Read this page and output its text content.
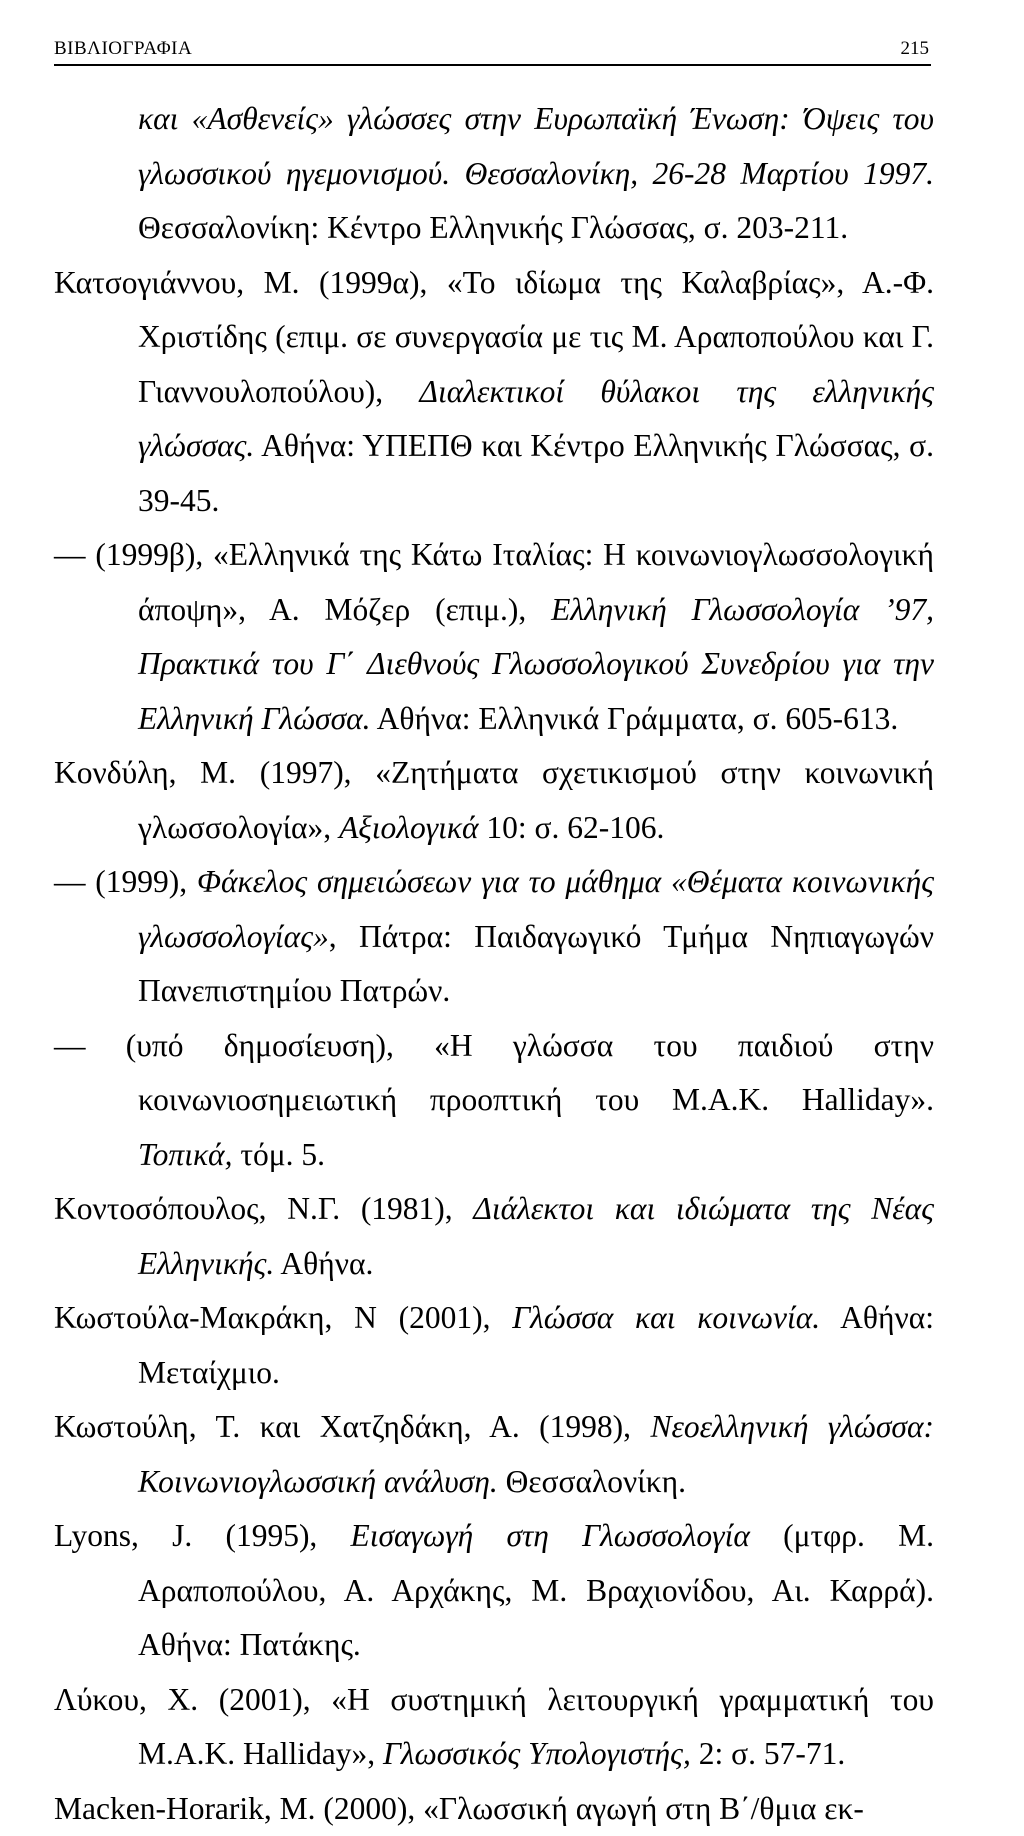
ΒΙΒΛΙΟΓΡΑΦΙΑ	215
και «Ασθενείς» γλώσσες στην Ευρωπαϊκή Ένωση: Όψεις του γλωσσικού ηγεμονισμού. Θεσσαλονίκη, 26-28 Μαρτίου 1997. Θεσσαλονίκη: Κέντρο Ελληνικής Γλώσσας, σ. 203-211.
Κατσογιάννου, Μ. (1999α), «Το ιδίωμα της Καλαβρίας», Α.-Φ. Χριστίδης (επιμ. σε συνεργασία με τις Μ. Αραποπούλου και Γ. Γιαννουλοπούλου), Διαλεκτικοί θύλακοι της ελληνικής γλώσσας. Αθήνα: ΥΠΕΠΘ και Κέντρο Ελληνικής Γλώσσας, σ. 39-45.
— (1999β), «Ελληνικά της Κάτω Ιταλίας: Η κοινωνιογλωσσολογική άποψη», Α. Μόζερ (επιμ.), Ελληνική Γλωσσολογία ’97, Πρακτικά του Γ΄ Διεθνούς Γλωσσολογικού Συνεδρίου για την Ελληνική Γλώσσα. Αθήνα: Ελληνικά Γράμματα, σ. 605-613.
Κονδύλη, Μ. (1997), «Ζητήματα σχετικισμού στην κοινωνική γλωσσολογία», Αξιολογικά 10: σ. 62-106.
— (1999), Φάκελος σημειώσεων για το μάθημα «Θέματα κοινωνικής γλωσσολογίας», Πάτρα: Παιδαγωγικό Τμήμα Νηπιαγωγών Πανεπιστημίου Πατρών.
— (υπό δημοσίευση), «Η γλώσσα του παιδιού στην κοινωνιοσημειωτική προοπτική του Μ.Α.Κ. Halliday». Τοπικά, τόμ. 5.
Κοντοσόπουλος, Ν.Γ. (1981), Διάλεκτοι και ιδιώματα της Νέας Ελληνικής. Αθήνα.
Κωστούλα-Μακράκη, Ν (2001), Γλώσσα και κοινωνία. Αθήνα: Μεταίχμιο.
Κωστούλη, Τ. και Χατζηδάκη, Α. (1998), Νεοελληνική γλώσσα: Κοινωνιογλωσσική ανάλυση. Θεσσαλονίκη.
Lyons, J. (1995), Εισαγωγή στη Γλωσσολογία (μτφρ. Μ. Αραποπούλου, Α. Αρχάκης, Μ. Βραχιονίδου, Αι. Καρρά). Αθήνα: Πατάκης.
Λύκου, Χ. (2001), «Η συστημική λειτουργική γραμματική του Μ.Α.Κ. Halliday», Γλωσσικός Υπολογιστής, 2: σ. 57-71.
Macken-Horarik, M. (2000), «Γλωσσική αγωγή στη Β΄/θμια εκ-
